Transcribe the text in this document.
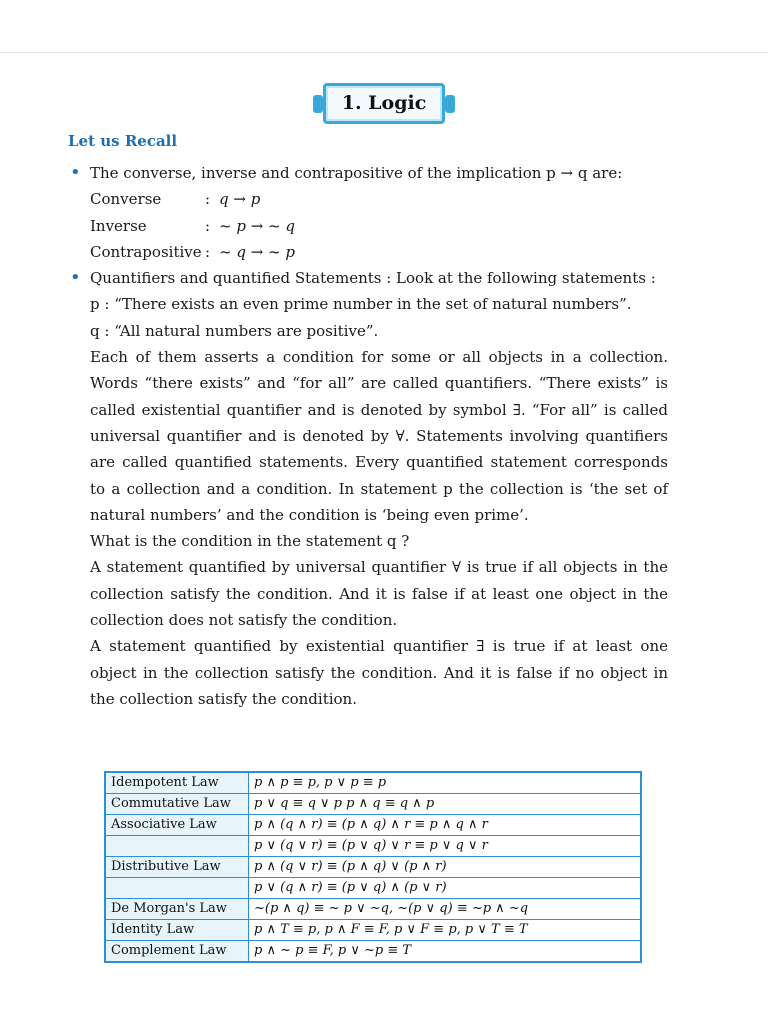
1. Logic
Let us Recall
• The converse, inverse and contrapositive of the implication p → q are:
Converse	: q → p
Inverse	: ~ p → ~ q
Contrapositive : ~ q → ~ p
• Quantifiers and quantified Statements : Look at the following statements :
p : “There exists an even prime number in the set of natural numbers”.
q : “All natural numbers are positive”.
Each of them asserts a condition for some or all objects in a collection. Words “there exists” and “for all” are called quantifiers. “There exists” is called existential quantifier and is denoted by symbol ∃. “For all” is called universal quantifier and is denoted by ∀. Statements involving quantifiers are called quantified statements. Every quantified statement corresponds to a collection and a condition. In statement p the collection is ‘the set of natural numbers’ and the condition is ‘being even prime’.
What is the condition in the statement q ?
A statement quantified by universal quantifier ∀ is true if all objects in the collection satisfy the condition. And it is false if at least one object in the collection does not satisfy the condition.
A statement quantified by existential quantifier ∃ is true if at least one object in the collection satisfy the condition. And it is false if no object in the collection satisfy the condition.
Idempotent Law	p ∧ p ≡ p, p ∨ p ≡ p
Commutative Law	p ∨ q ≡ q ∨ p p ∧ q ≡ q ∧ p
Associative Law	p ∧ (q ∧ r) ≡ (p ∧ q) ∧ r ≡ p ∧ q ∧ r
	p ∨ (q ∨ r) ≡ (p ∨ q) ∨ r ≡ p ∨ q ∨ r
Distributive Law	p ∧ (q ∨ r) ≡ (p ∧ q) ∨ (p ∧ r)
	p ∨ (q ∧ r) ≡ (p ∨ q) ∧ (p ∨ r)
De Morgan's Law	~(p ∧ q) ≡ ~ p ∨ ~q, ~(p ∨ q) ≡ ~p ∧ ~q
Identity Law	p ∧ T ≡ p, p ∧ F ≡ F, p ∨ F ≡ p, p ∨ T ≡ T
Complement Law	p ∧ ~ p ≡ F, p ∨ ~p ≡ T
